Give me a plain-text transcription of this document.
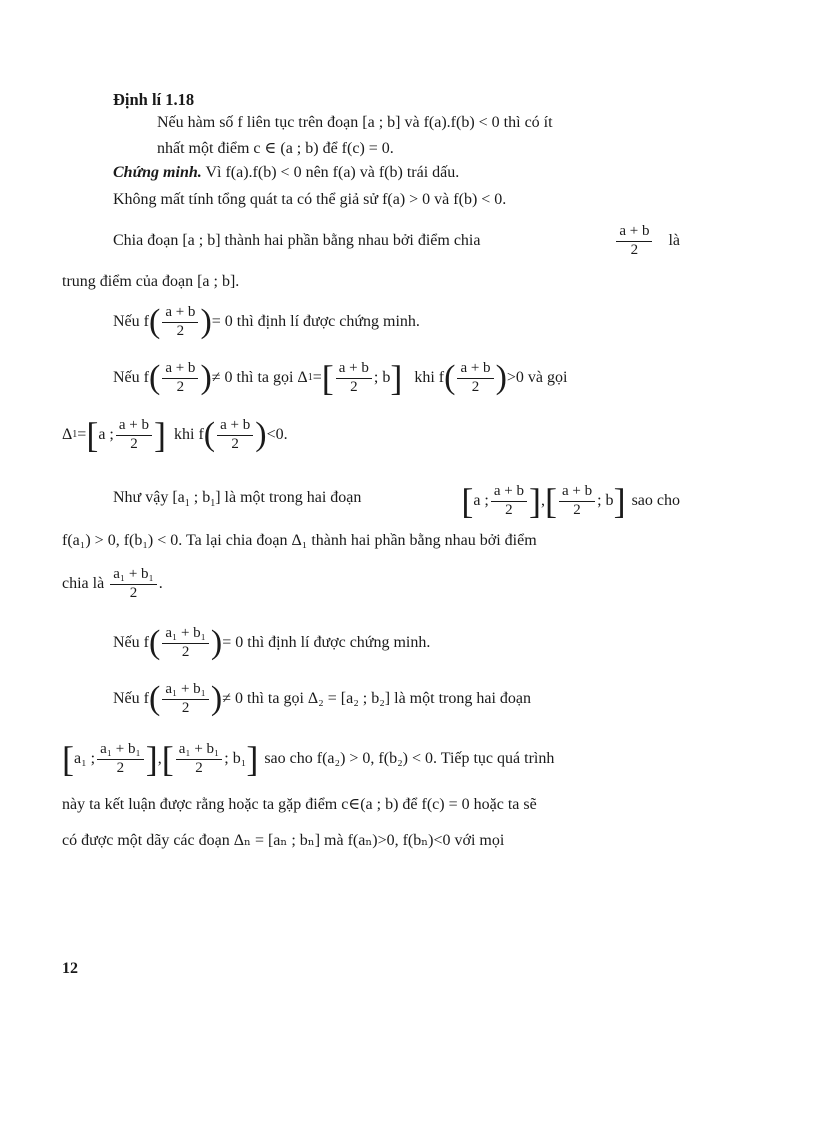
Định lí 1.18
Nếu hàm số f liên tục trên đoạn [a ; b] và f(a).f(b) < 0 thì có ít
nhất một điểm c ∈ (a ; b) để f(c) = 0.
Chứng minh. Vì f(a).f(b) < 0 nên f(a) và f(b) trái dấu.
Không mất tính tổng quát ta có thể giả sử f(a) > 0 và f(b) < 0.
Chia đoạn [a ; b] thành hai phần bằng nhau bởi điểm chia	$\frac{a + b}{2}$ là
trung điểm của đoạn [a ; b].
Nếu f ( $\frac{a + b}{2}$ ) = 0 thì định lí được chứng minh.
Nếu f ( $\frac{a + b}{2}$ ) ≠ 0 thì ta gọi Δ 1 = [ $\frac{a + b}{2}$ ; b ] khi f ( $\frac{a + b}{2}$ ) >0 và gọi
Δ 1 = [ a ; $\frac{a + b}{2}$ ] khi f ( $\frac{a + b}{2}$ ) <0.
Như vậy [$a_1$ ; $b_1$] là một trong hai đoạn	[ a ; $\frac{a + b}{2}$ ] , [ $\frac{a + b}{2}$ ; b ] sao cho
f(a₁) > 0, f(b₁) < 0. Ta lại chia đoạn Δ₁ thành hai phần bằng nhau bởi điểm
chia là $\frac{\text{a₁ + b₁}}{2}$ .
Nếu f ( $\frac{\text{a₁ + b₁}}{2}$ ) = 0 thì định lí được chứng minh.
Nếu f ( $\frac{\text{a₁ + b₁}}{2}$ ) ≠ 0 thì ta gọi Δ₂ = [a₂ ; b₂] là một trong hai đoạn
[ a₁ ; $\frac{\text{a₁ + b₁}}{2}$ ] , [ $\frac{\text{a₁ + b₁}}{2}$ ; b₁ ] sao cho f(a₂) > 0, f(b₂) < 0. Tiếp tục quá trình
này ta kết luận được rằng hoặc ta gặp điểm c∈(a ; b) để f(c) = 0 hoặc ta sẽ
có được một dãy các đoạn Δₙ = [aₙ ; bₙ] mà f(aₙ)>0, f(bₙ)<0 với mọi
12
